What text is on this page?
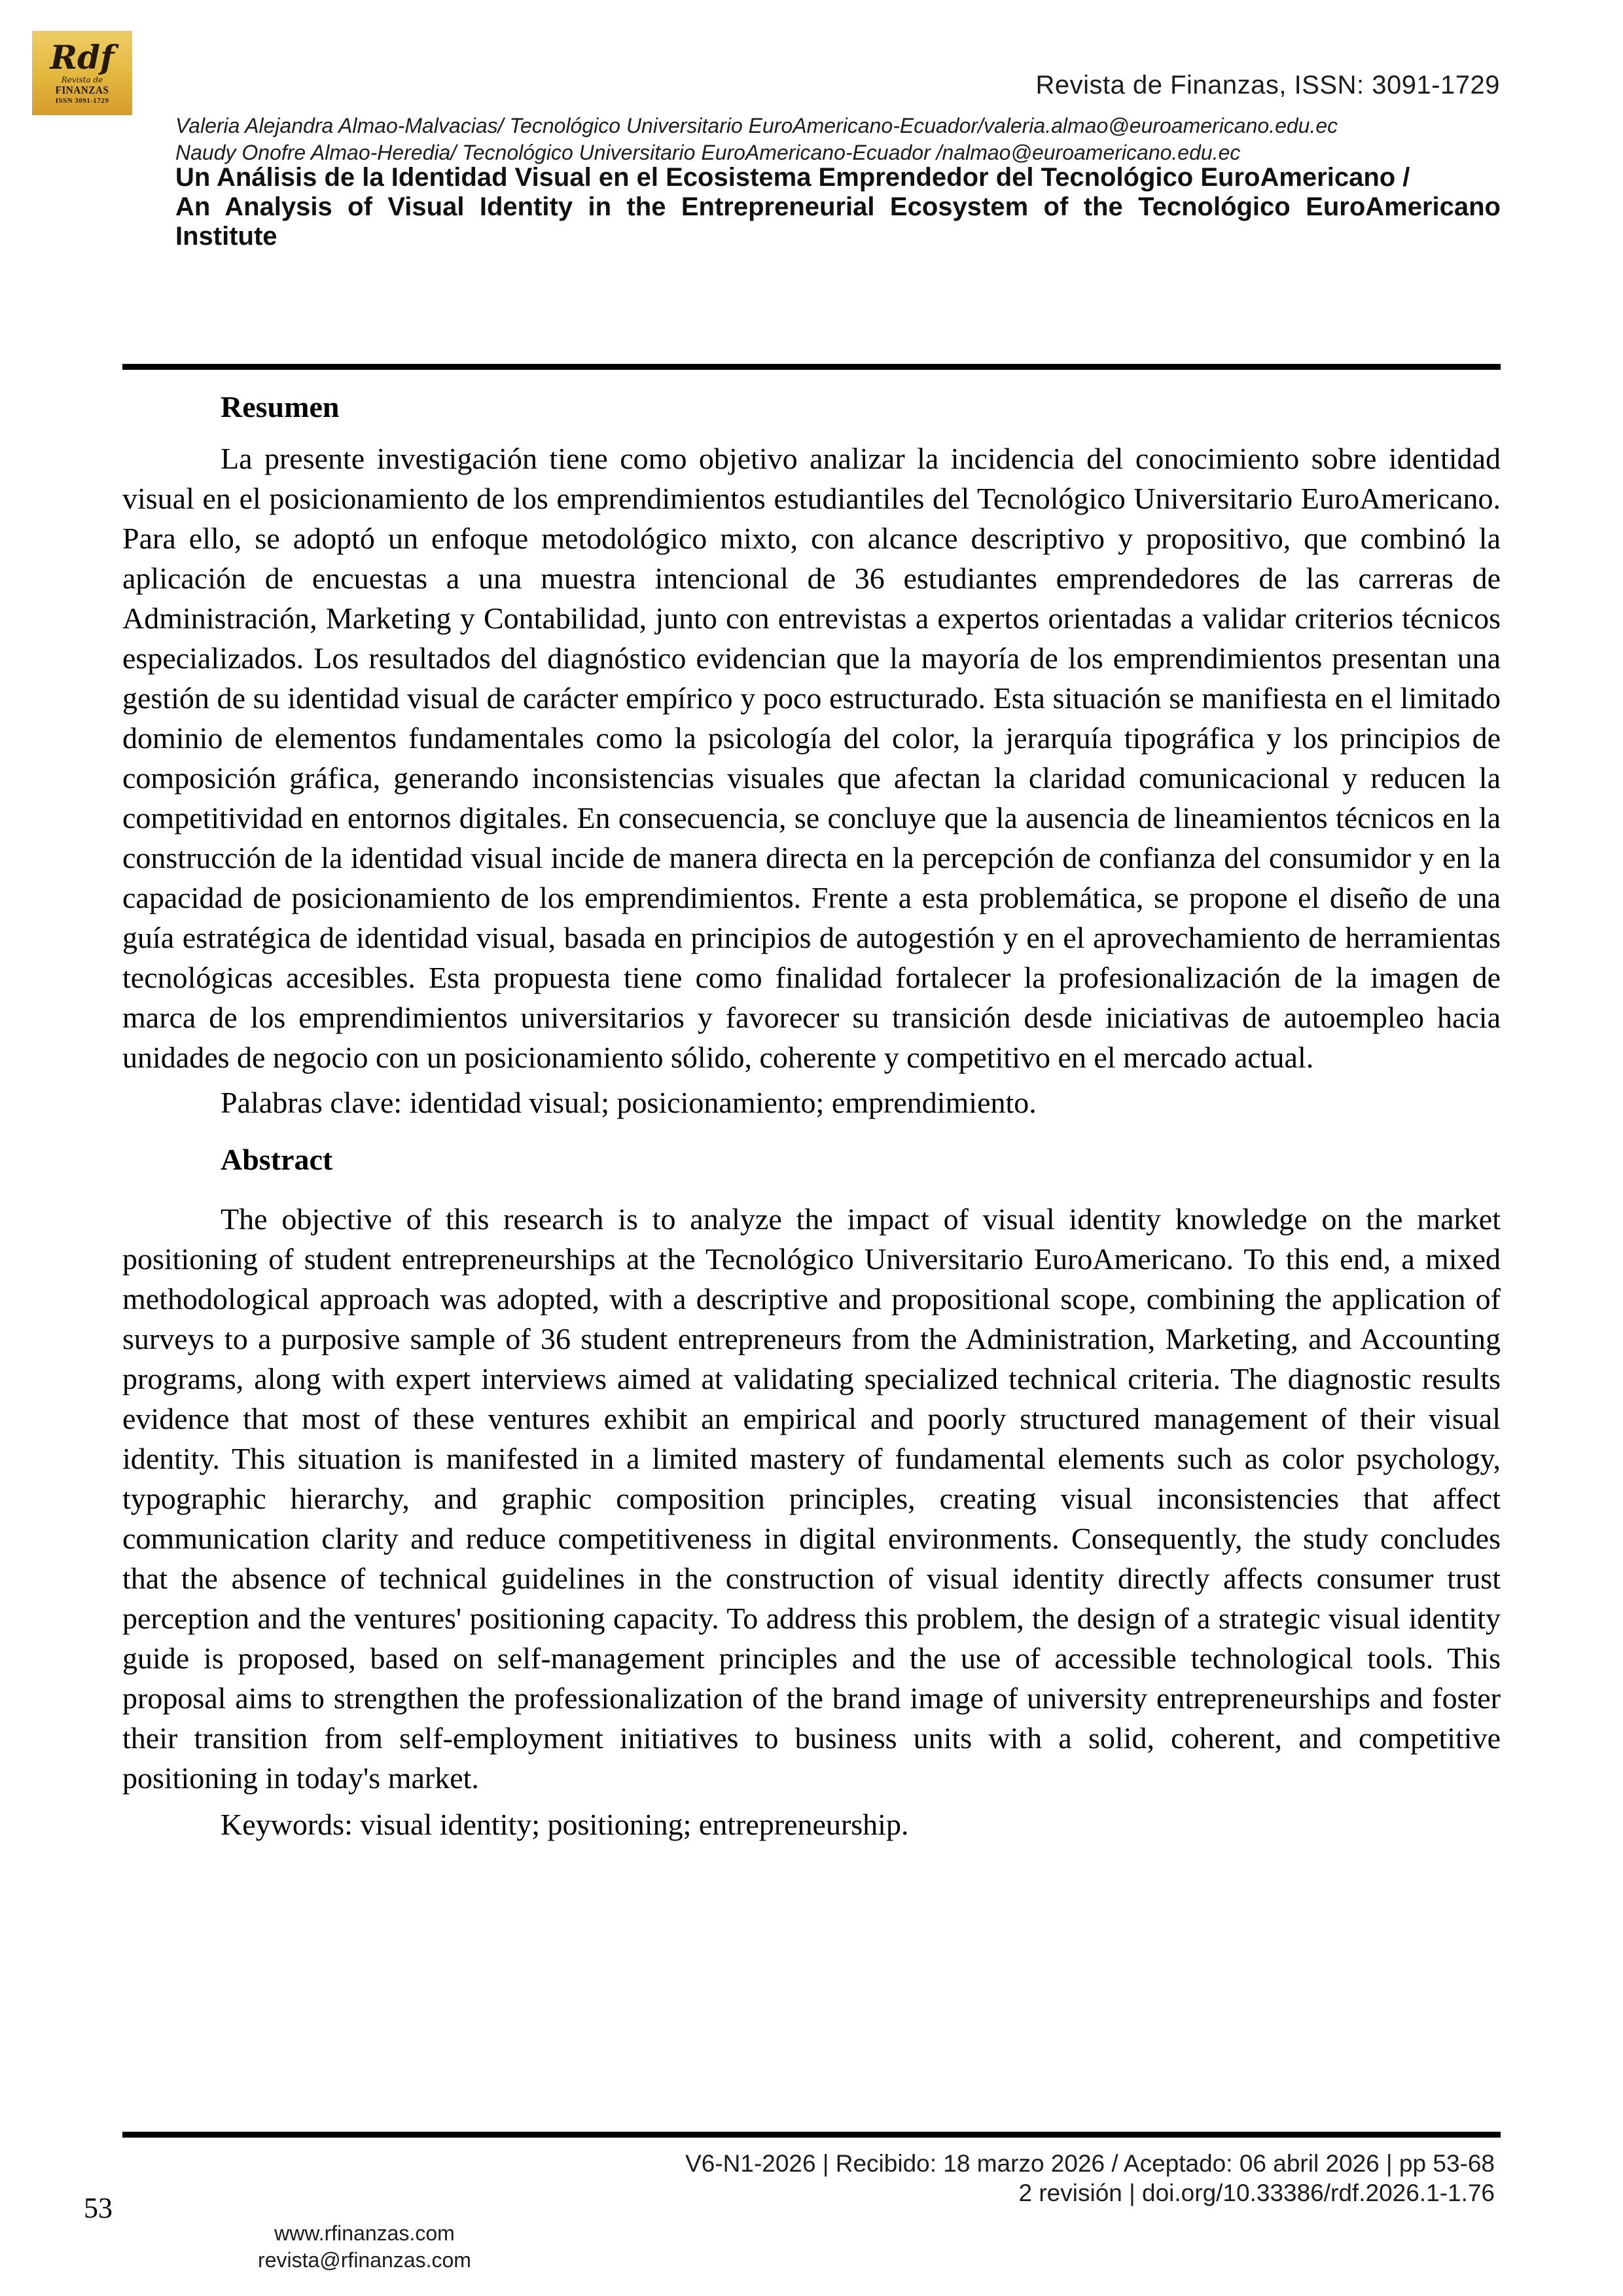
Rdf
Revista de
FINANZAS
ISSN 3091-1729
Revista de Finanzas, ISSN: 3091-1729
Valeria Alejandra Almao-Malvacias/ Tecnológico Universitario EuroAmericano-Ecuador/valeria.almao@euroamericano.edu.ec
Naudy Onofre Almao-Heredia/ Tecnológico Universitario EuroAmericano-Ecuador /nalmao@euroamericano.edu.ec
Un Análisis de la Identidad Visual en el Ecosistema Emprendedor del Tecnológico EuroAmericano /
An Analysis of Visual Identity in the Entrepreneurial Ecosystem of the Tecnológico EuroAmericano
Institute
Resumen

La presente investigación tiene como objetivo analizar la incidencia del conocimiento sobre identidad visual en el posicionamiento de los emprendimientos estudiantiles del Tecnológico Universitario EuroAmericano. Para ello, se adoptó un enfoque metodológico mixto, con alcance descriptivo y propositivo, que combinó la aplicación de encuestas a una muestra intencional de 36 estudiantes emprendedores de las carreras de Administración, Marketing y Contabilidad, junto con entrevistas a expertos orientadas a validar criterios técnicos especializados. Los resultados del diagnóstico evidencian que la mayoría de los emprendimientos presentan una gestión de su identidad visual de carácter empírico y poco estructurado. Esta situación se manifiesta en el limitado dominio de elementos fundamentales como la psicología del color, la jerarquía tipográfica y los principios de composición gráfica, generando inconsistencias visuales que afectan la claridad comunicacional y reducen la competitividad en entornos digitales. En consecuencia, se concluye que la ausencia de lineamientos técnicos en la construcción de la identidad visual incide de manera directa en la percepción de confianza del consumidor y en la capacidad de posicionamiento de los emprendimientos. Frente a esta problemática, se propone el diseño de una guía estratégica de identidad visual, basada en principios de autogestión y en el aprovechamiento de herramientas tecnológicas accesibles. Esta propuesta tiene como finalidad fortalecer la profesionalización de la imagen de marca de los emprendimientos universitarios y favorecer su transición desde iniciativas de autoempleo hacia unidades de negocio con un posicionamiento sólido, coherente y competitivo en el mercado actual.

Palabras clave: identidad visual; posicionamiento; emprendimiento.

Abstract

The objective of this research is to analyze the impact of visual identity knowledge on the market positioning of student entrepreneurships at the Tecnológico Universitario EuroAmericano. To this end, a mixed methodological approach was adopted, with a descriptive and propositional scope, combining the application of surveys to a purposive sample of 36 student entrepreneurs from the Administration, Marketing, and Accounting programs, along with expert interviews aimed at validating specialized technical criteria. The diagnostic results evidence that most of these ventures exhibit an empirical and poorly structured management of their visual identity. This situation is manifested in a limited mastery of fundamental elements such as color psychology, typographic hierarchy, and graphic composition principles, creating visual inconsistencies that affect communication clarity and reduce competitiveness in digital environments. Consequently, the study concludes that the absence of technical guidelines in the construction of visual identity directly affects consumer trust perception and the ventures' positioning capacity. To address this problem, the design of a strategic visual identity guide is proposed, based on self-management principles and the use of accessible technological tools. This proposal aims to strengthen the professionalization of the brand image of university entrepreneurships and foster their transition from self-employment initiatives to business units with a solid, coherent, and competitive positioning in today's market.

Keywords: visual identity; positioning; entrepreneurship.

V6-N1-2026 | Recibido: 18 marzo 2026 / Aceptado: 06 abril 2026 | pp 53-68
2 revisión | doi.org/10.33386/rdf.2026.1-1.76
53
www.rfinanzas.com
revista@rfinanzas.com
